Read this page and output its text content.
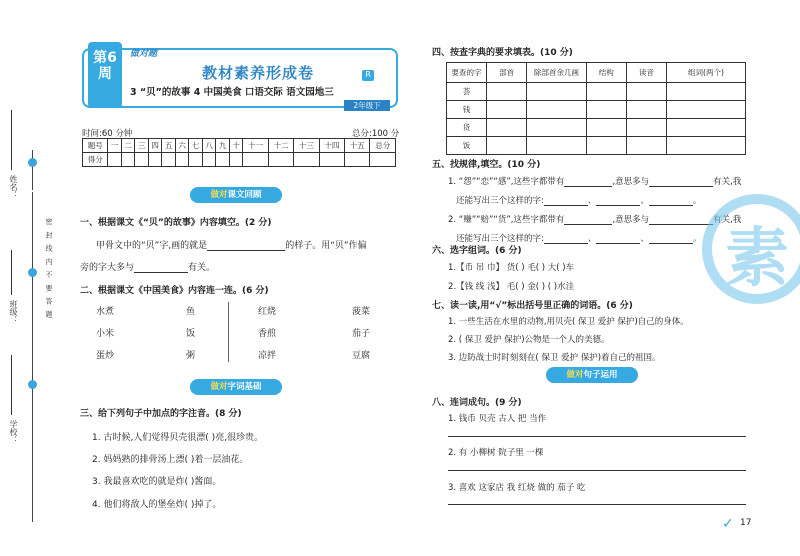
姓名：
班级：
学校：
密 封 线 内 不 要 答 题
第6周
做对题
教材素养形成卷	R
3 “贝”的故事 4 中国美食 口语交际 语文园地三
2年级下
时间:60 分钟	总分:100 分
题号	一	二	三	四	五	六	七	八	九	十	十一	十二	十三	十四	十五	总分
得分																
做对课文回顾
一、根据课文《“贝”的故事》内容填空。(2 分)
甲骨文中的“贝”字,画的就是	的样子。用“贝”作偏
旁的字大多与	有关。
二、根据课文《中国美食》内容连一连。(6 分)
水煮
小米
蛋炒
鱼
饭
粥
红烧
香煎
凉拌
菠菜
茄子
豆腐
做对字词基础
三、给下列句子中加点的字注音。(8 分)
1. 古时候,人们觉得贝壳很漂( )亮,很珍贵。
2. 妈妈熟的排骨汤上漂( )着一层油花。
3. 我最喜欢吃的就是炸( )酱面。
4. 他们将敌人的堡垒炸( )掉了。
四、按查字典的要求填表。(10 分)
要查的字	部首	除部首余几画	结构	读音	组词(两个)
荟					
钱					
货					
饭					
五、找规律,填空。(10 分)
1. “怨”“恋”“感”,这些字都带有	,意思多与	有关,我
还能写出三个这样的字:	、	、	。
2. “赚”“赔”“货”,这些字都带有	,意思多与	有关,我
还能写出三个这样的字:	、	、	。
六、选字组词。(6 分)
1.【币 吊 巾】 货( ) 毛( ) 大( )车
2.【钱 线 浅】 毛( ) 金( ) ( )水洼
七、读一读,用“√”标出括号里正确的词语。(6 分)
1. 一些生活在水里的动物,用贝壳( 保卫 爱护 保护)自己的身体。
2. ( 保卫 爱护 保护)公物是一个人的美德。
3. 边防战士时时刻刻在( 保卫 爱护 保护)着自己的祖国。
做对句子运用
八、连词成句。(9 分)
1. 钱币 贝壳 古人 把 当作
2. 有 小柳树 院子里 一棵
3. 喜欢 这家店 我 红烧 做的 茄子 吃
素
✓ 17
